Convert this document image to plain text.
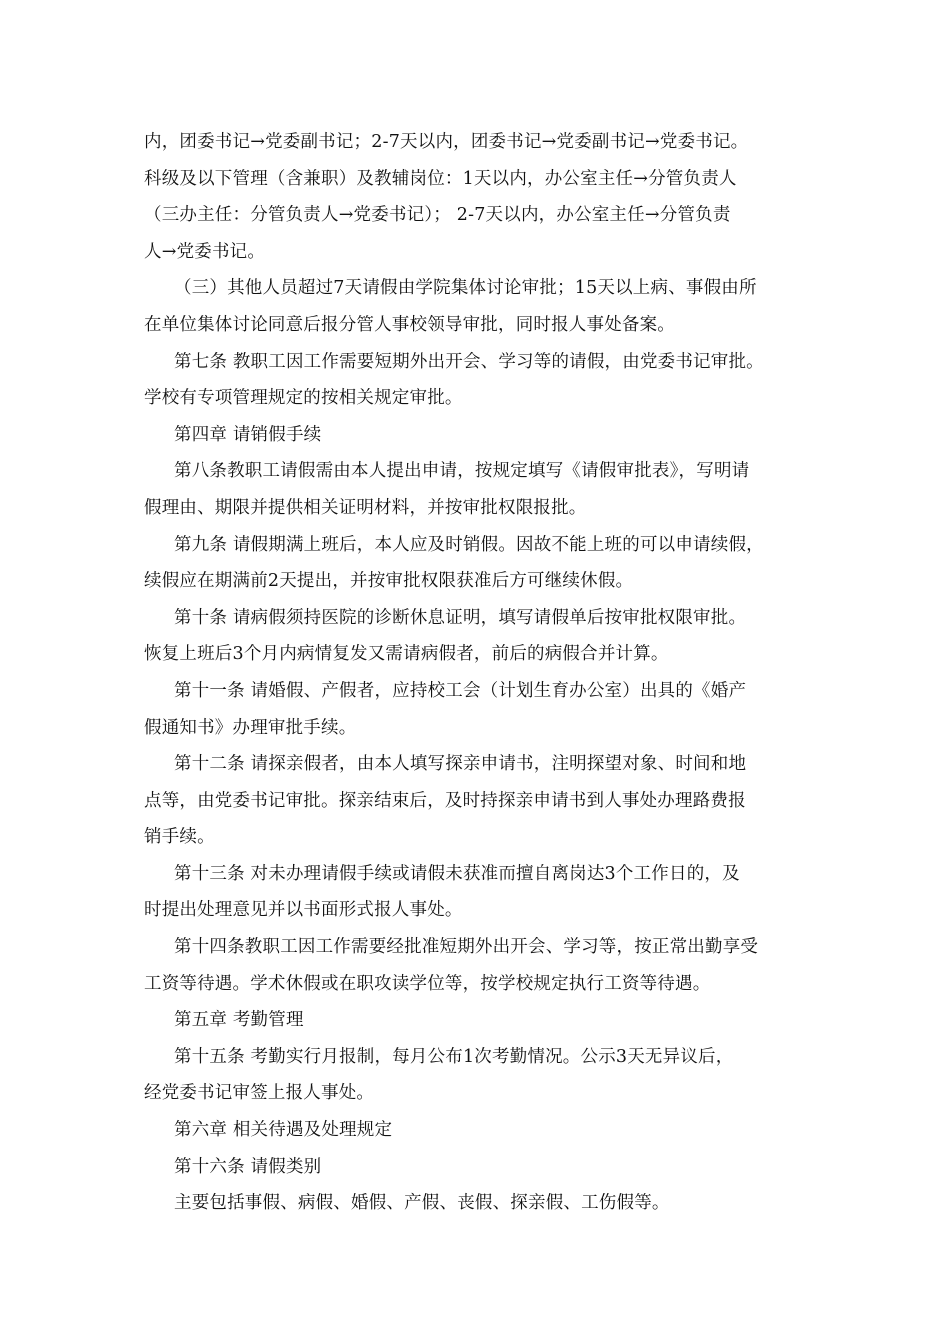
内，团委书记→党委副书记；2-7天以内，团委书记→党委副书记→党委书记。
科级及以下管理（含兼职）及教辅岗位：1天以内，办公室主任→分管负责人
（三办主任：分管负责人→党委书记）； 2-7天以内，办公室主任→分管负责
人→党委书记。
（三）其他人员超过7天请假由学院集体讨论审批；15天以上病、事假由所
在单位集体讨论同意后报分管人事校领导审批，同时报人事处备案。
第七条 教职工因工作需要短期外出开会、学习等的请假，由党委书记审批。
学校有专项管理规定的按相关规定审批。
第四章 请销假手续
第八条教职工请假需由本人提出申请，按规定填写《请假审批表》，写明请
假理由、期限并提供相关证明材料，并按审批权限报批。
第九条 请假期满上班后，本人应及时销假。因故不能上班的可以申请续假，
续假应在期满前2天提出，并按审批权限获准后方可继续休假。
第十条 请病假须持医院的诊断休息证明，填写请假单后按审批权限审批。
恢复上班后3个月内病情复发又需请病假者，前后的病假合并计算。
第十一条 请婚假、产假者，应持校工会（计划生育办公室）出具的《婚产
假通知书》办理审批手续。
第十二条 请探亲假者，由本人填写探亲申请书，注明探望对象、时间和地
点等，由党委书记审批。探亲结束后，及时持探亲申请书到人事处办理路费报
销手续。
第十三条 对未办理请假手续或请假未获准而擅自离岗达3个工作日的，及
时提出处理意见并以书面形式报人事处。
第十四条教职工因工作需要经批准短期外出开会、学习等，按正常出勤享受
工资等待遇。学术休假或在职攻读学位等，按学校规定执行工资等待遇。
第五章 考勤管理
第十五条 考勤实行月报制，每月公布1次考勤情况。公示3天无异议后，
经党委书记审签上报人事处。
第六章 相关待遇及处理规定
第十六条 请假类别
主要包括事假、病假、婚假、产假、丧假、探亲假、工伤假等。
